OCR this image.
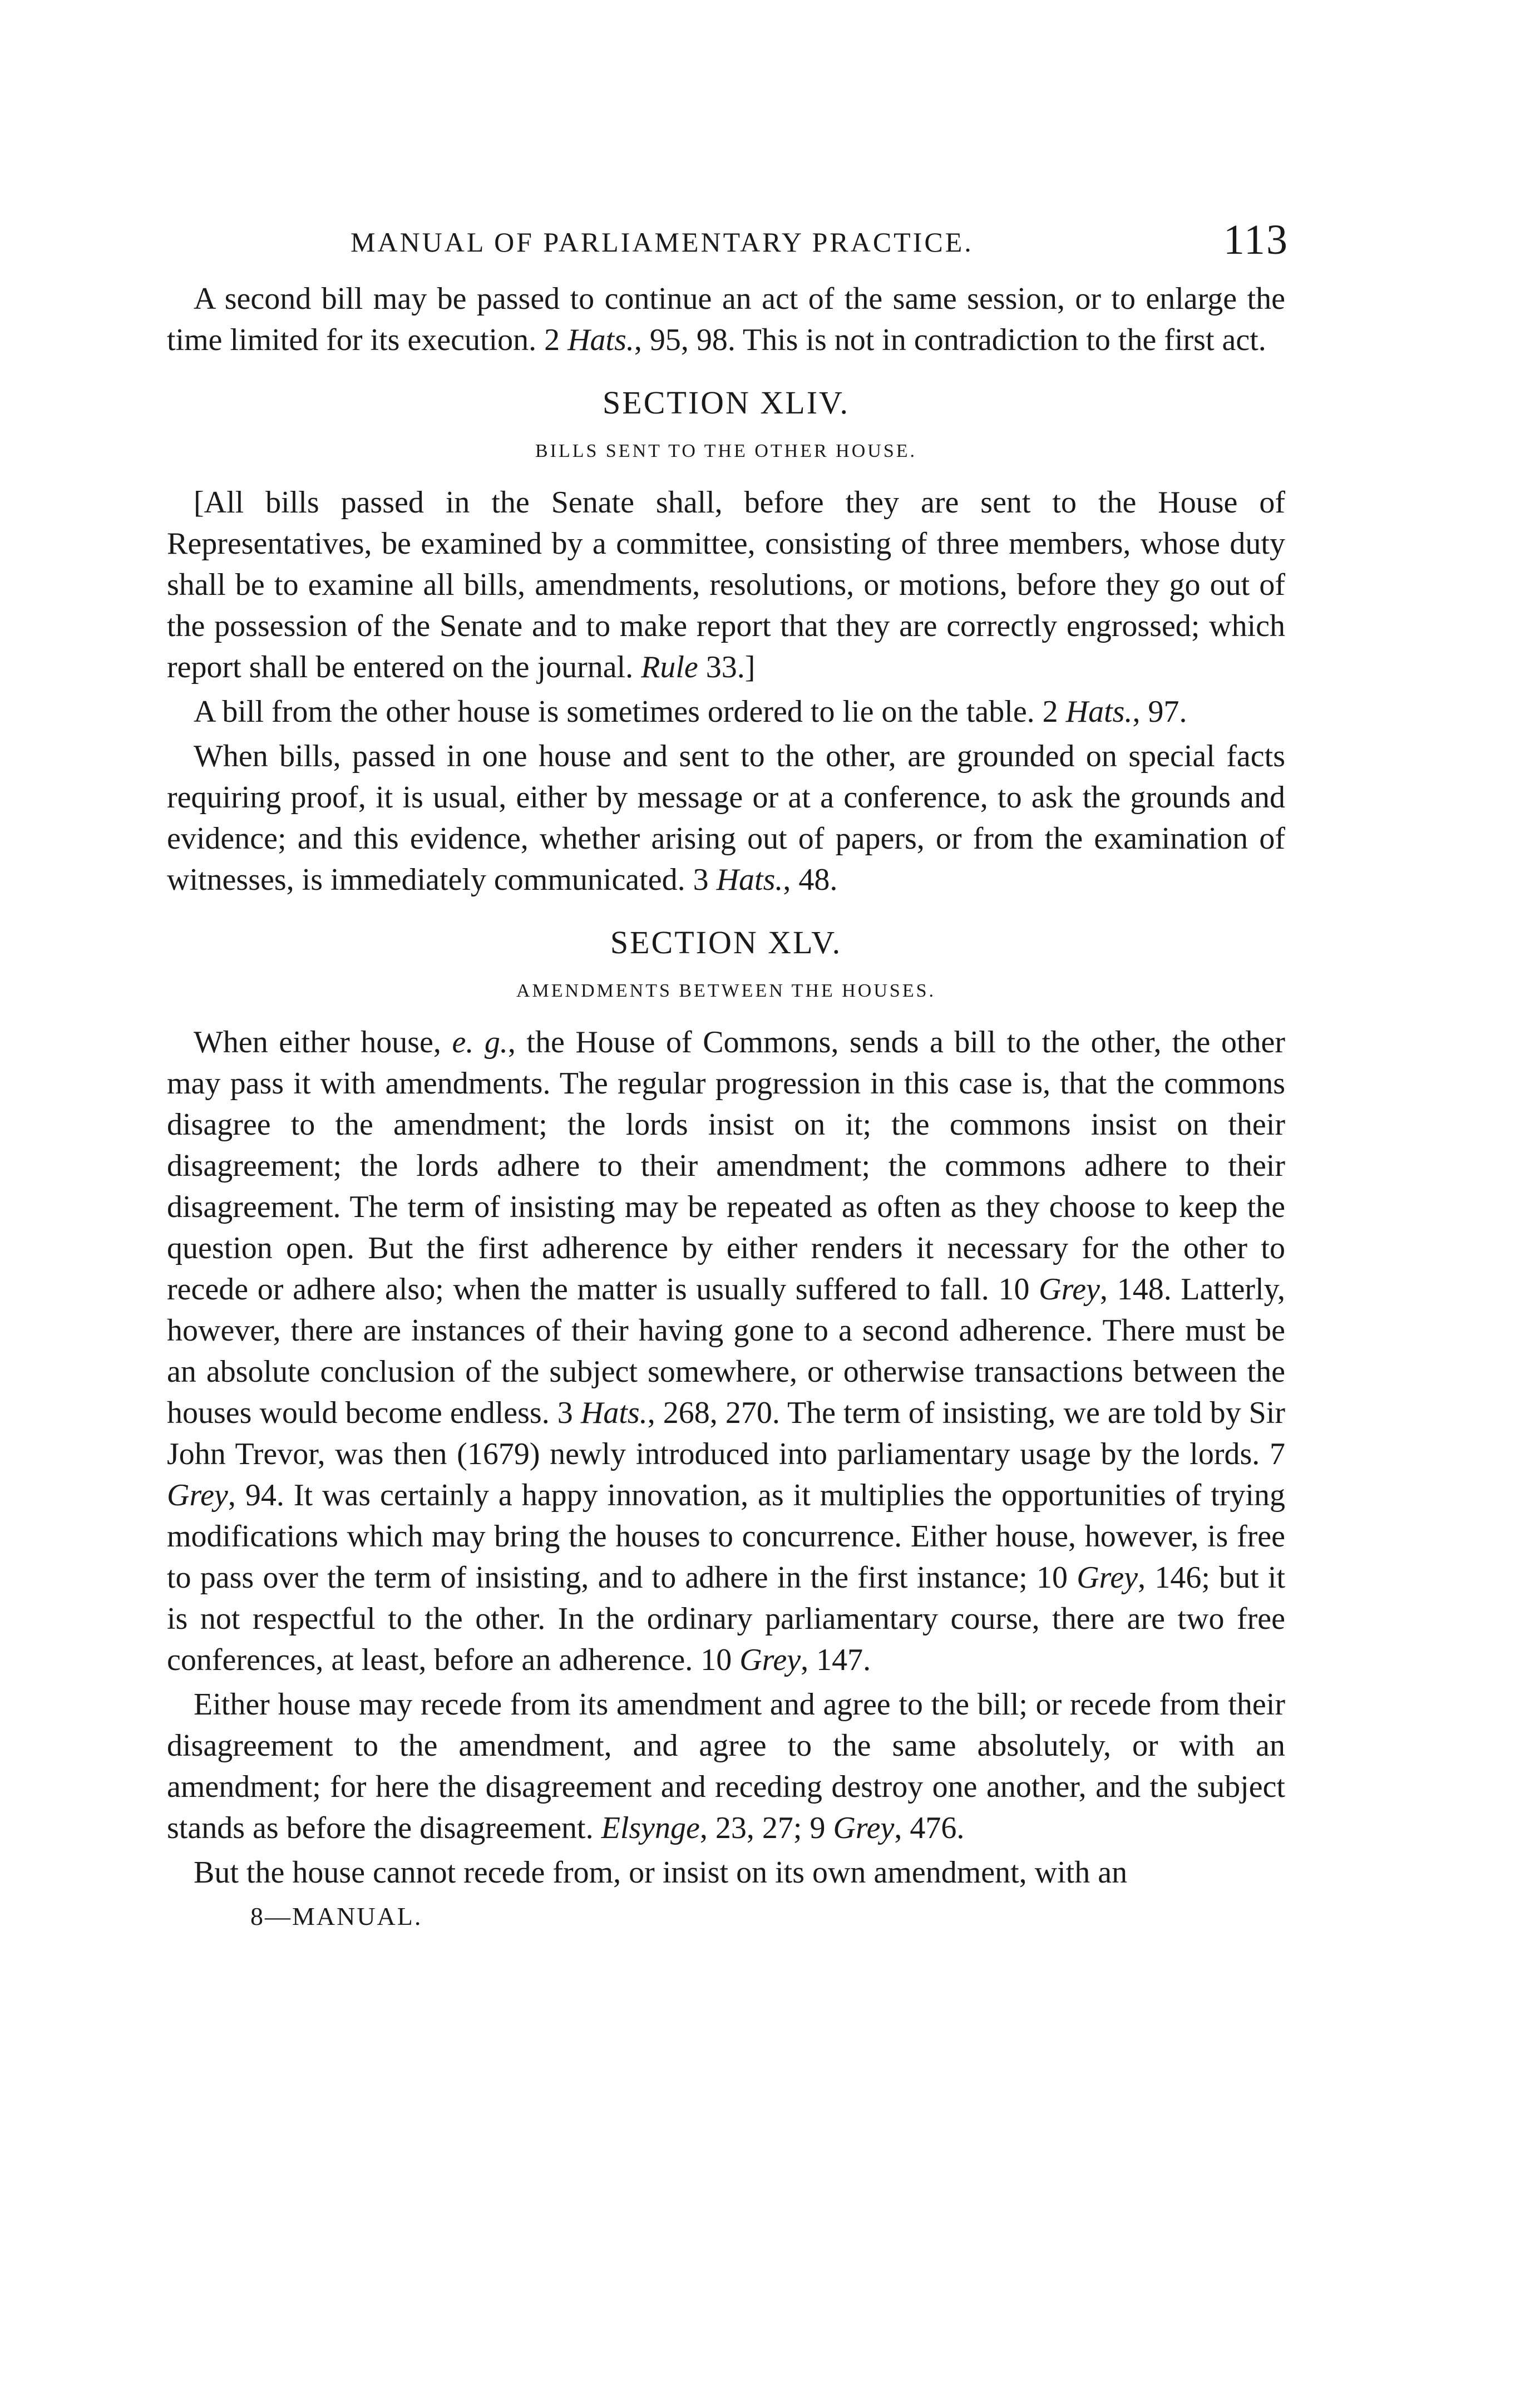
MANUAL OF PARLIAMENTARY PRACTICE.	113

A second bill may be passed to continue an act of the same session, or to enlarge the time limited for its execution. 2 Hats., 95, 98. This is not in contradiction to the first act.

SECTION XLIV.
BILLS SENT TO THE OTHER HOUSE.

[All bills passed in the Senate shall, before they are sent to the House of Representatives, be examined by a committee, consisting of three members, whose duty shall be to examine all bills, amendments, resolutions, or motions, before they go out of the possession of the Senate and to make report that they are correctly engrossed; which report shall be entered on the journal. Rule 33.]

A bill from the other house is sometimes ordered to lie on the table. 2 Hats., 97.

When bills, passed in one house and sent to the other, are grounded on special facts requiring proof, it is usual, either by message or at a conference, to ask the grounds and evidence; and this evidence, whether arising out of papers, or from the examination of witnesses, is immediately communicated. 3 Hats., 48.

SECTION XLV.
AMENDMENTS BETWEEN THE HOUSES.

When either house, e. g., the House of Commons, sends a bill to the other, the other may pass it with amendments. The regular progression in this case is, that the commons disagree to the amendment; the lords insist on it; the commons insist on their disagreement; the lords adhere to their amendment; the commons adhere to their disagreement. The term of insisting may be repeated as often as they choose to keep the question open. But the first adherence by either renders it necessary for the other to recede or adhere also; when the matter is usually suffered to fall. 10 Grey, 148. Latterly, however, there are instances of their having gone to a second adherence. There must be an absolute conclusion of the subject somewhere, or otherwise transactions between the houses would become endless. 3 Hats., 268, 270. The term of insisting, we are told by Sir John Trevor, was then (1679) newly introduced into parliamentary usage by the lords. 7 Grey, 94. It was certainly a happy innovation, as it multiplies the opportunities of trying modifications which may bring the houses to concurrence. Either house, however, is free to pass over the term of insisting, and to adhere in the first instance; 10 Grey, 146; but it is not respectful to the other. In the ordinary parliamentary course, there are two free conferences, at least, before an adherence. 10 Grey, 147.

Either house may recede from its amendment and agree to the bill; or recede from their disagreement to the amendment, and agree to the same absolutely, or with an amendment; for here the disagreement and receding destroy one another, and the subject stands as before the disagreement. Elsynge, 23, 27; 9 Grey, 476.

But the house cannot recede from, or insist on its own amendment, with an

8—MANUAL.
